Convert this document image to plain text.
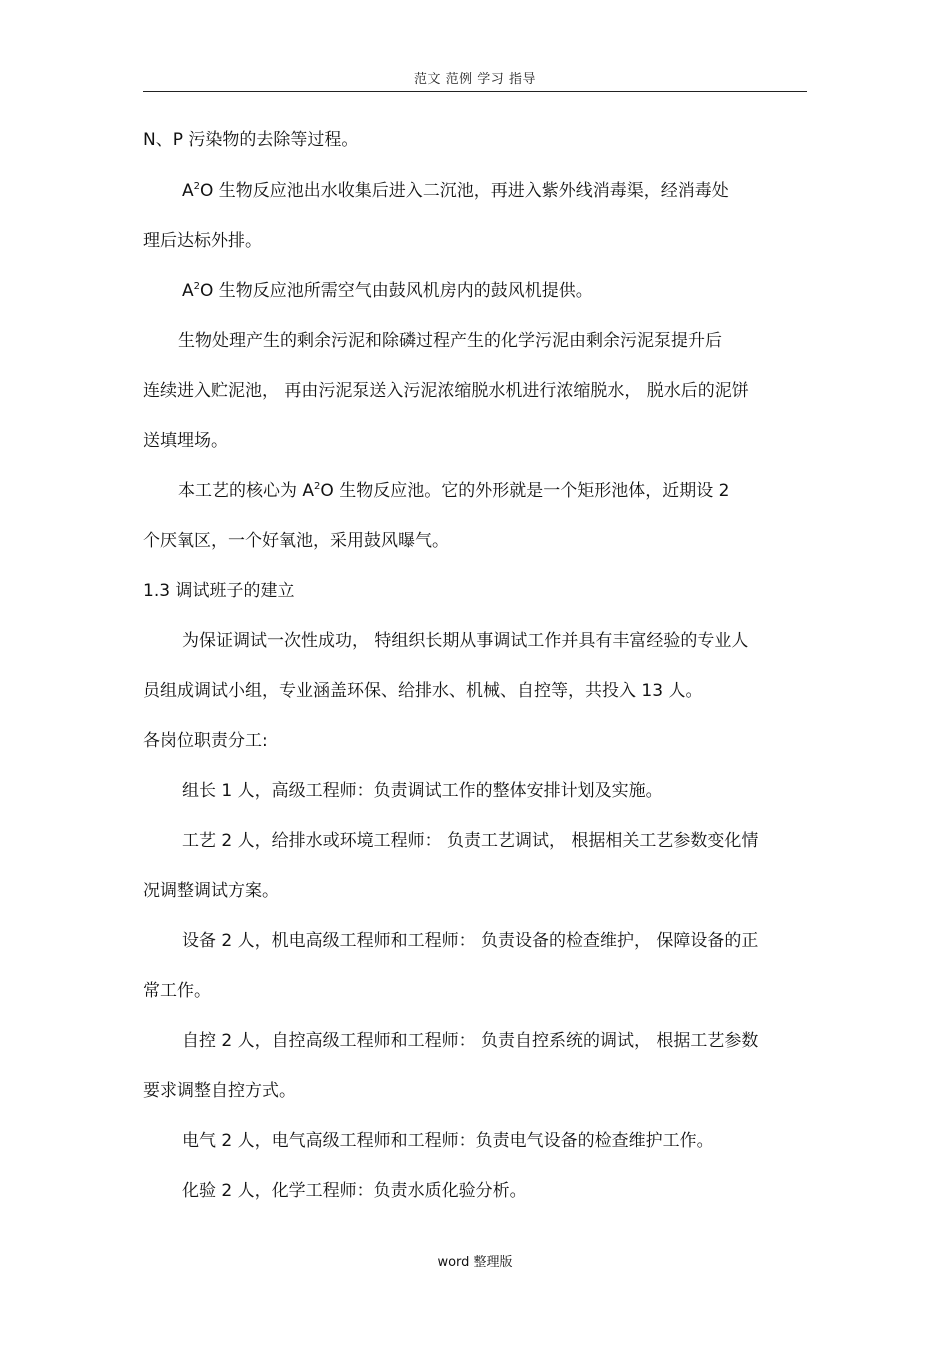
范文 范例 学习 指导
N、P 污染物的去除等过程。
$A^2O$ 生物反应池出水收集后进入二沉池，再进入紫外线消毒渠，经消毒处
理后达标外排。
$A^2O$ 生物反应池所需空气由鼓风机房内的鼓风机提供。
生物处理产生的剩余污泥和除磷过程产生的化学污泥由剩余污泥泵提升后
连续进入贮泥池， 再由污泥泵送入污泥浓缩脱水机进行浓缩脱水， 脱水后的泥饼
送填埋场。
本工艺的核心为 $A^2O$ 生物反应池。它的外形就是一个矩形池体，近期设 2
个厌氧区，一个好氧池，采用鼓风曝气。
1.3 调试班子的建立
为保证调试一次性成功， 特组织长期从事调试工作并具有丰富经验的专业人
员组成调试小组，专业涵盖环保、给排水、机械、自控等，共投入 13 人。
各岗位职责分工:
组长 1 人，高级工程师：负责调试工作的整体安排计划及实施。
工艺 2 人，给排水或环境工程师： 负责工艺调试， 根据相关工艺参数变化情
况调整调试方案。
设备 2 人，机电高级工程师和工程师： 负责设备的检查维护， 保障设备的正
常工作。
自控 2 人，自控高级工程师和工程师： 负责自控系统的调试， 根据工艺参数
要求调整自控方式。
电气 2 人，电气高级工程师和工程师：负责电气设备的检查维护工作。
化验 2 人，化学工程师：负责水质化验分析。
word 整理版
